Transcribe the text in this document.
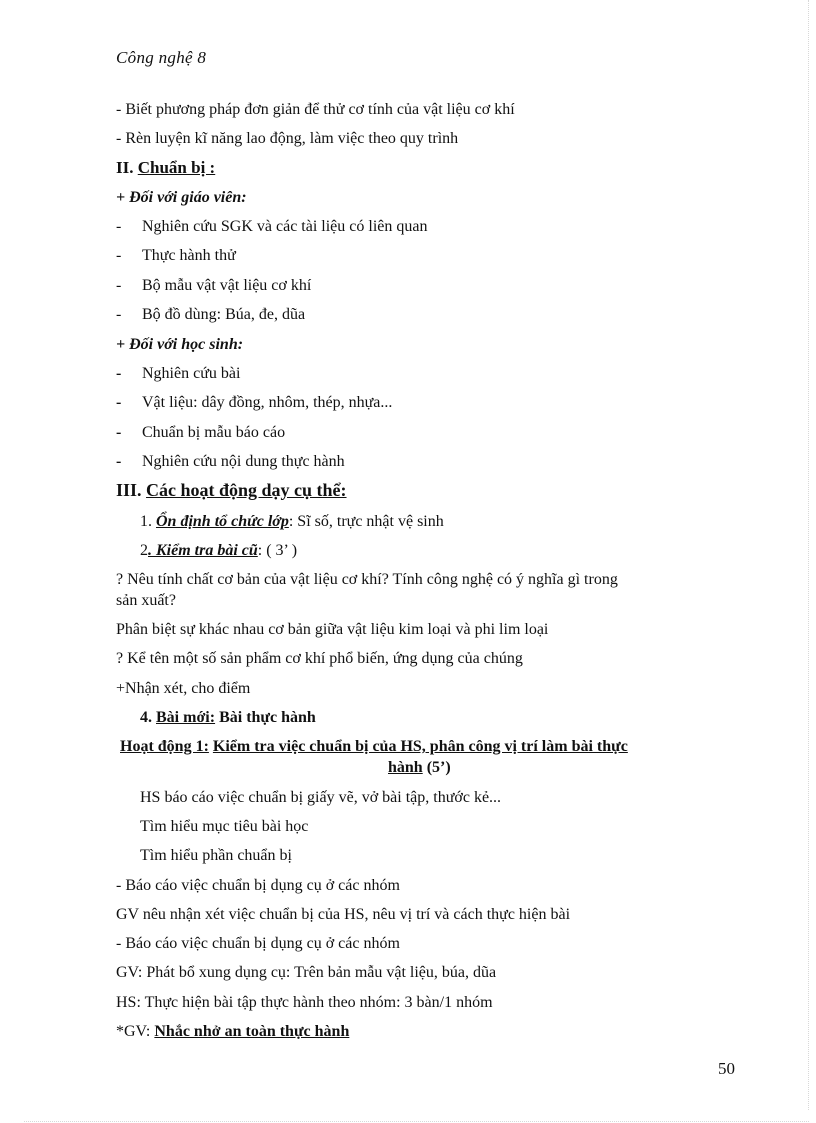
Công nghệ 8
- Biết phương pháp đơn giản để thử cơ tính của vật liệu cơ khí
- Rèn luyện kĩ năng lao động, làm việc theo quy trình
II. Chuẩn bị :
+ Đối với giáo viên:
- Nghiên cứu SGK và các tài liệu có liên quan
- Thực hành thử
- Bộ mẫu vật vật liệu cơ khí
- Bộ đồ dùng: Búa, đe, dũa
+ Đối với học sinh:
- Nghiên cứu bài
- Vật liệu: dây đồng, nhôm, thép, nhựa...
- Chuẩn bị mẫu báo cáo
- Nghiên cứu nội dung thực hành
III. Các hoạt động dạy cụ thể:
1. Ổn định tổ chức lớp: Sĩ số, trực nhật vệ sinh
2. Kiểm tra bài cũ: ( 3’ )
? Nêu tính chất cơ bản của vật liệu cơ khí? Tính công nghệ có ý nghĩa gì trong
sản xuất?
Phân biệt sự khác nhau cơ bản giữa vật liệu kim loại và phi lim loại
? Kể tên một số sản phẩm cơ khí phổ biến, ứng dụng của chúng
+Nhận xét, cho điểm
4. Bài mới: Bài thực hành
Hoạt động 1: Kiểm tra việc chuẩn bị của HS, phân công vị trí làm bài thực
hành (5’)
HS báo cáo việc chuẩn bị giấy vẽ, vở bài tập, thước kẻ...
Tìm hiểu mục tiêu bài học
Tìm hiểu phần chuẩn bị
- Báo cáo việc chuẩn bị dụng cụ ở các nhóm
GV nêu nhận xét việc chuẩn bị của HS, nêu vị trí và cách thực hiện bài
- Báo cáo việc chuẩn bị dụng cụ ở các nhóm
GV: Phát bổ xung dụng cụ: Trên bản mẫu vật liệu, búa, dũa
HS: Thực hiện bài tập thực hành theo nhóm: 3 bàn/1 nhóm
*GV: Nhắc nhở an toàn thực hành
50
